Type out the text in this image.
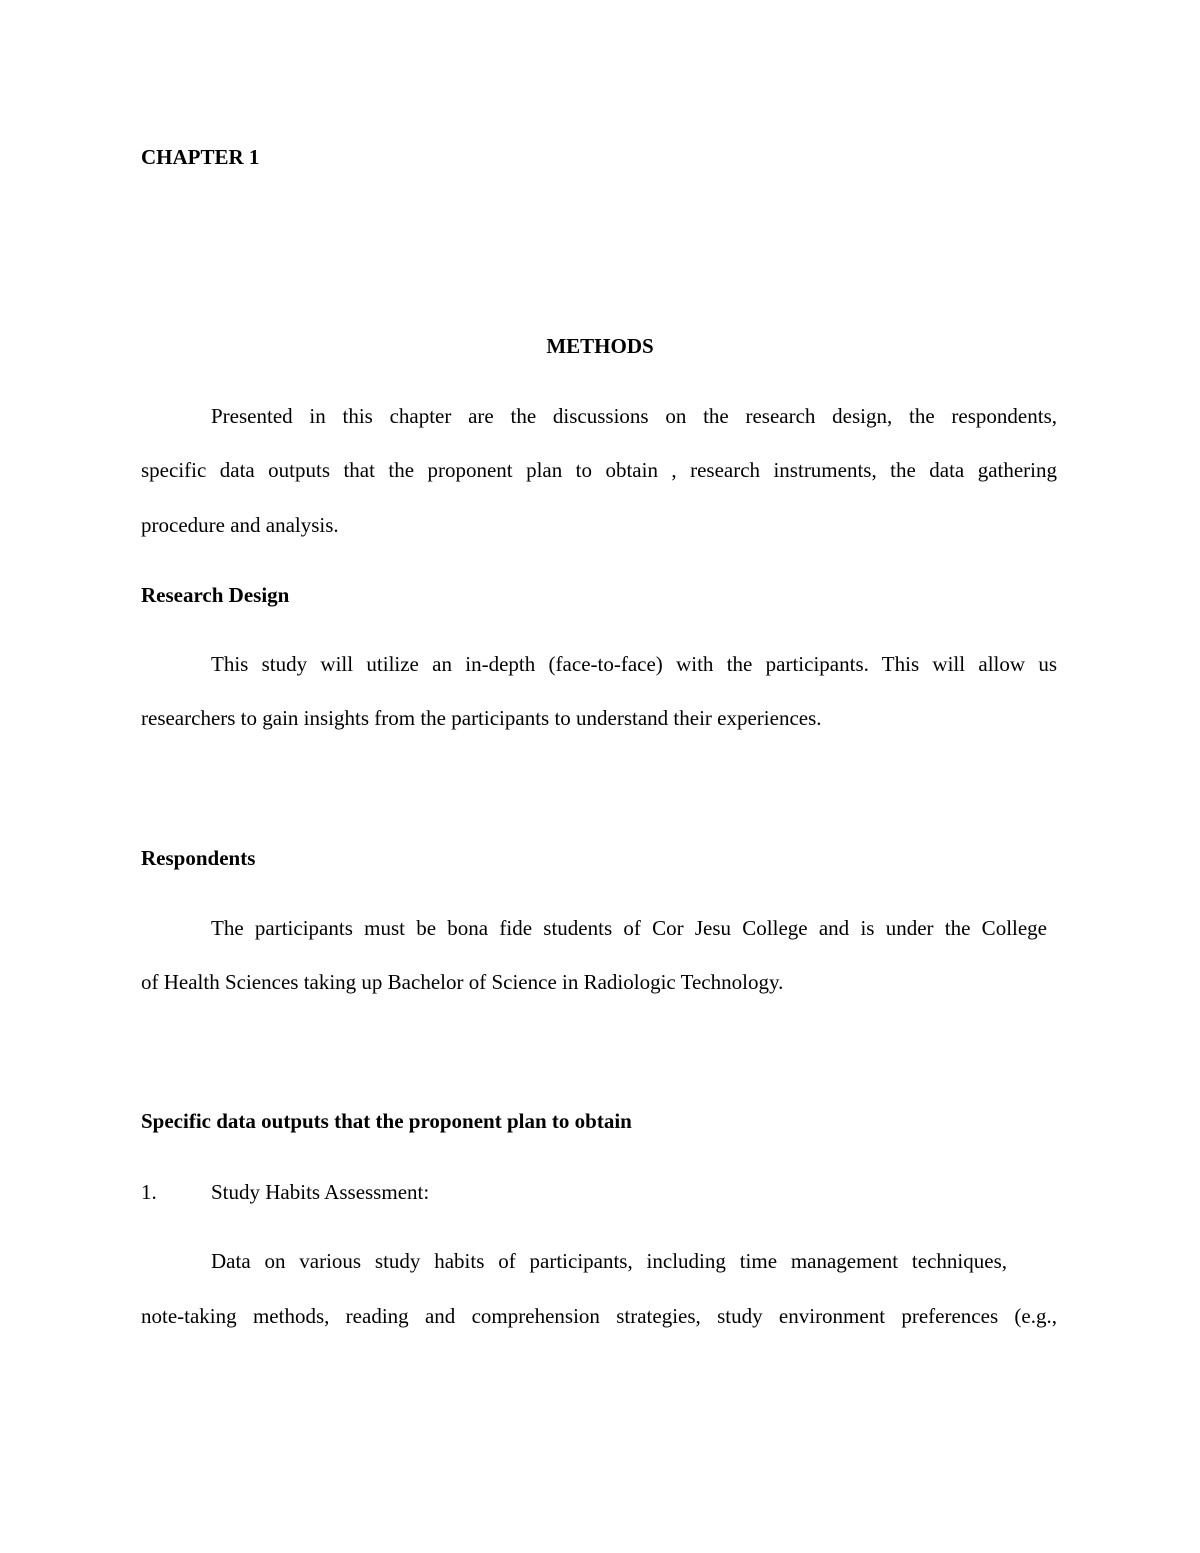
CHAPTER 1

METHODS

Presented in this chapter are the discussions on the research design, the respondents,
specific data outputs that the proponent plan to obtain , research instruments, the data gathering
procedure and analysis.
Research Design
This study will utilize an in-depth (face-to-face) with the participants. This will allow us
researchers to gain insights from the participants to understand their experiences.
Respondents
The participants must be bona fide students of Cor Jesu College and is under the College
of Health Sciences taking up Bachelor of Science in Radiologic Technology.
Specific data outputs that the proponent plan to obtain
1.	Study Habits Assessment:
Data on various study habits of participants, including time management techniques,
note-taking methods, reading and comprehension strategies, study environment preferences (e.g.,
